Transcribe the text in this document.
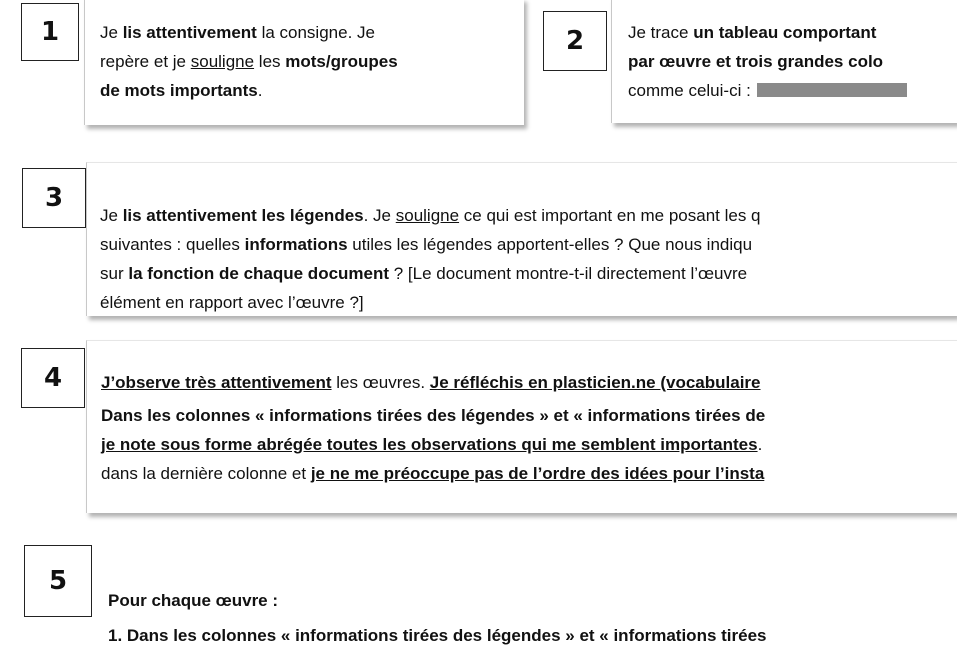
1 Je lis attentivement la consigne. Je
repère et je souligne les mots/groupes
de mots importants.
2	Je trace un tableau comportant
par œuvre et trois grandes colo
comme celui-ci :
3
Je lis attentivement les légendes. Je souligne ce qui est important en me posant les q
suivantes : quelles informations utiles les légendes apportent-elles ? Que nous indiqu
sur la fonction de chaque document ? [Le document montre-t-il directement l’œuvre
élément en rapport avec l’œuvre ?]
4 J’observe très attentivement les œuvres. Je réfléchis en plasticien.ne (vocabulaire
Dans les colonnes « informations tirées des légendes » et « informations tirées de
je note sous forme abrégée toutes les observations qui me semblent importantes.
dans la dernière colonne et je ne me préoccupe pas de l’ordre des idées pour l’insta
5
Pour chaque œuvre :
1. Dans les colonnes « informations tirées des légendes » et « informations tirées
